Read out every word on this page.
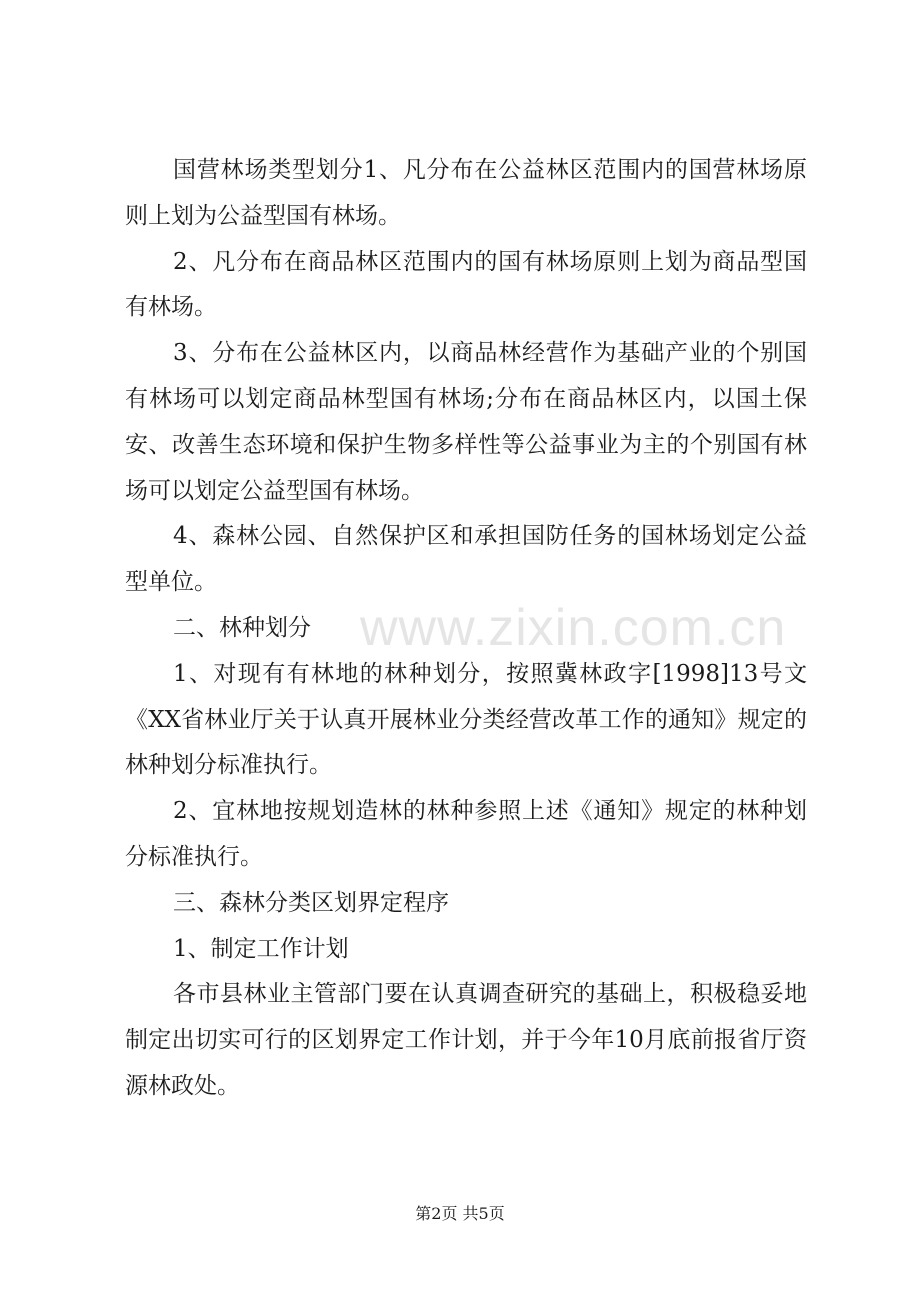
国营林场类型划分1、凡分布在公益林区范围内的国营林场原则上划为公益型国有林场。

2、凡分布在商品林区范围内的国有林场原则上划为商品型国有林场。

3、分布在公益林区内，以商品林经营作为基础产业的个别国有林场可以划定商品林型国有林场;分布在商品林区内，以国土保安、改善生态环境和保护生物多样性等公益事业为主的个别国有林场可以划定公益型国有林场。

4、森林公园、自然保护区和承担国防任务的国林场划定公益型单位。

二、林种划分

1、对现有有林地的林种划分，按照冀林政字[1998]13号文《XX省林业厅关于认真开展林业分类经营改革工作的通知》规定的林种划分标准执行。

2、宜林地按规划造林的林种参照上述《通知》规定的林种划分标准执行。

三、森林分类区划界定程序

1、制定工作计划

各市县林业主管部门要在认真调查研究的基础上，积极稳妥地制定出切实可行的区划界定工作计划，并于今年10月底前报省厅资源林政处。

www.zixin.com.cn
第2页 共5页
